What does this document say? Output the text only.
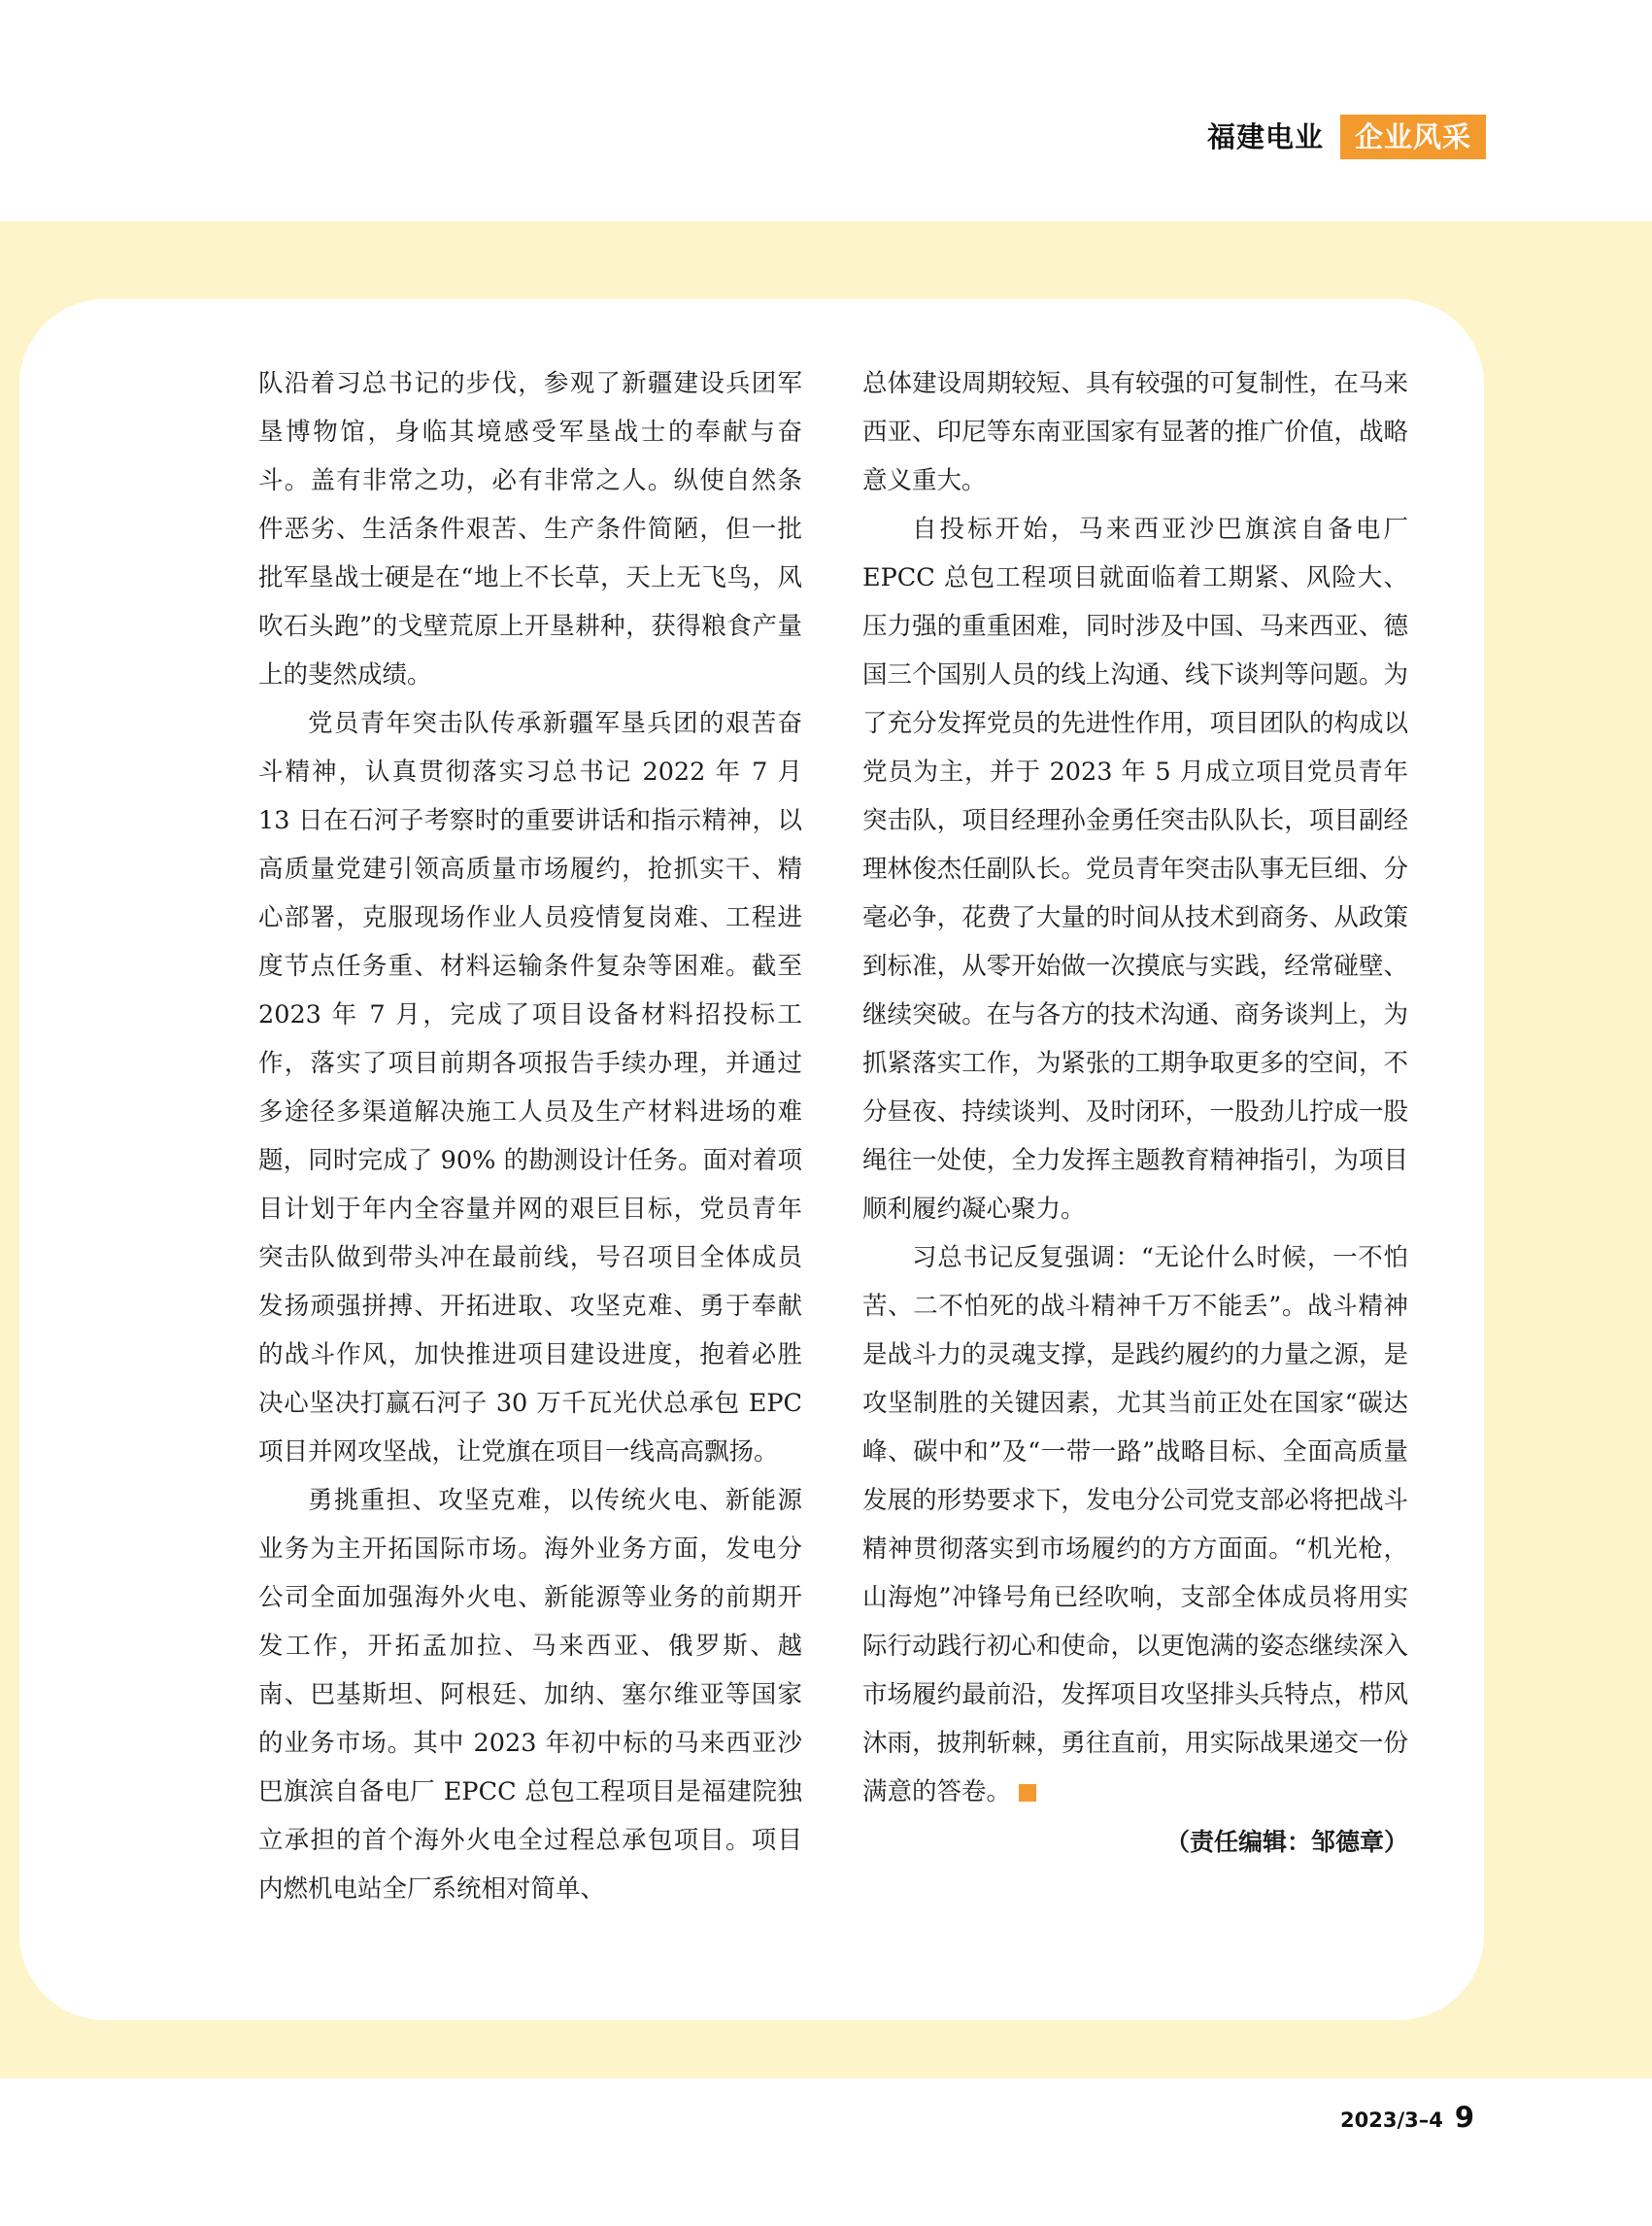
福建电业	企业风采

队沿着习总书记的步伐，参观了新疆建设兵团军垦博物馆，身临其境感受军垦战士的奉献与奋斗。盖有非常之功，必有非常之人。纵使自然条件恶劣、生活条件艰苦、生产条件简陋，但一批批军垦战士硬是在“地上不长草，天上无飞鸟，风吹石头跑”的戈壁荒原上开垦耕种，获得粮食产量上的斐然成绩。

党员青年突击队传承新疆军垦兵团的艰苦奋斗精神，认真贯彻落实习总书记 2022 年 7 月 13 日在石河子考察时的重要讲话和指示精神，以高质量党建引领高质量市场履约，抢抓实干、精心部署，克服现场作业人员疫情复岗难、工程进度节点任务重、材料运输条件复杂等困难。截至 2023 年 7 月，完成了项目设备材料招投标工作，落实了项目前期各项报告手续办理，并通过多途径多渠道解决施工人员及生产材料进场的难题，同时完成了 90% 的勘测设计任务。面对着项目计划于年内全容量并网的艰巨目标，党员青年突击队做到带头冲在最前线，号召项目全体成员发扬顽强拼搏、开拓进取、攻坚克难、勇于奉献的战斗作风，加快推进项目建设进度，抱着必胜决心坚决打赢石河子 30 万千瓦光伏总承包 EPC 项目并网攻坚战，让党旗在项目一线高高飘扬。

勇挑重担、攻坚克难，以传统火电、新能源业务为主开拓国际市场。海外业务方面，发电分公司全面加强海外火电、新能源等业务的前期开发工作，开拓孟加拉、马来西亚、俄罗斯、越南、巴基斯坦、阿根廷、加纳、塞尔维亚等国家的业务市场。其中 2023 年初中标的马来西亚沙巴旗滨自备电厂 EPCC 总包工程项目是福建院独立承担的首个海外火电全过程总承包项目。项目内燃机电站全厂系统相对简单、

总体建设周期较短、具有较强的可复制性，在马来西亚、印尼等东南亚国家有显著的推广价值，战略意义重大。

自投标开始，马来西亚沙巴旗滨自备电厂 EPCC 总包工程项目就面临着工期紧、风险大、压力强的重重困难，同时涉及中国、马来西亚、德国三个国别人员的线上沟通、线下谈判等问题。为了充分发挥党员的先进性作用，项目团队的构成以党员为主，并于 2023 年 5 月成立项目党员青年突击队，项目经理孙金勇任突击队队长，项目副经理林俊杰任副队长。党员青年突击队事无巨细、分毫必争，花费了大量的时间从技术到商务、从政策到标准，从零开始做一次摸底与实践，经常碰壁、继续突破。在与各方的技术沟通、商务谈判上，为抓紧落实工作，为紧张的工期争取更多的空间，不分昼夜、持续谈判、及时闭环，一股劲儿拧成一股绳往一处使，全力发挥主题教育精神指引，为项目顺利履约凝心聚力。

习总书记反复强调：“无论什么时候，一不怕苦、二不怕死的战斗精神千万不能丢”。战斗精神是战斗力的灵魂支撑，是践约履约的力量之源，是攻坚制胜的关键因素，尤其当前正处在国家“碳达峰、碳中和”及“一带一路”战略目标、全面高质量发展的形势要求下，发电分公司党支部必将把战斗精神贯彻落实到市场履约的方方面面。“机光枪，山海炮”冲锋号角已经吹响，支部全体成员将用实际行动践行初心和使命，以更饱满的姿态继续深入市场履约最前沿，发挥项目攻坚排头兵特点，栉风沐雨，披荆斩棘，勇往直前，用实际战果递交一份满意的答卷。

（责任编辑：邹德章）
2023/3–4 9
